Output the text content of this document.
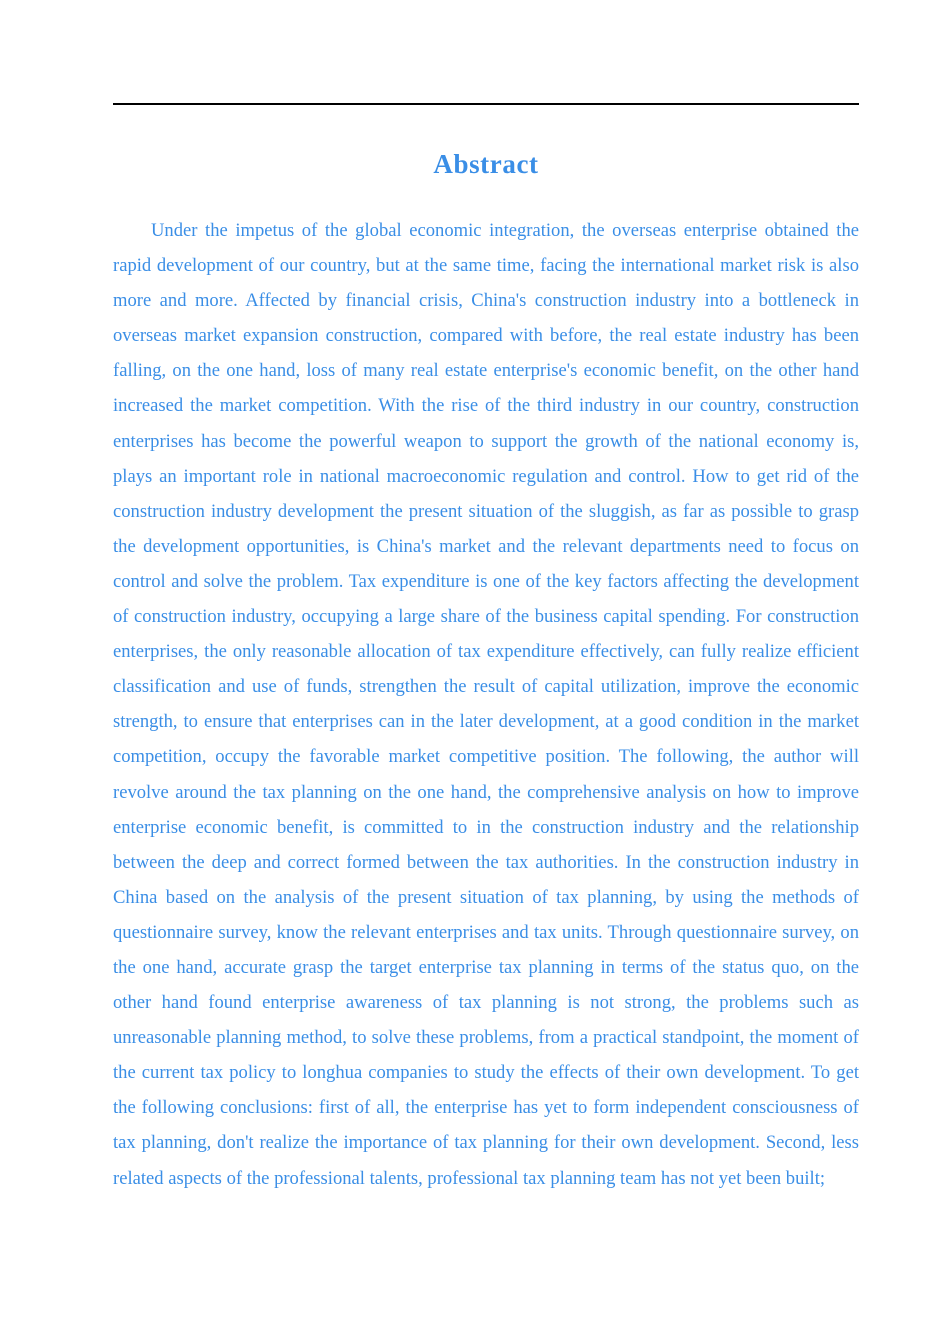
Abstract

Under the impetus of the global economic integration, the overseas enterprise obtained the rapid development of our country, but at the same time, facing the international market risk is also more and more. Affected by financial crisis, China's construction industry into a bottleneck in overseas market expansion construction, compared with before, the real estate industry has been falling, on the one hand, loss of many real estate enterprise's economic benefit, on the other hand increased the market competition. With the rise of the third industry in our country, construction enterprises has become the powerful weapon to support the growth of the national economy is, plays an important role in national macroeconomic regulation and control. How to get rid of the construction industry development the present situation of the sluggish, as far as possible to grasp the development opportunities, is China's market and the relevant departments need to focus on control and solve the problem. Tax expenditure is one of the key factors affecting the development of construction industry, occupying a large share of the business capital spending. For construction enterprises, the only reasonable allocation of tax expenditure effectively, can fully realize efficient classification and use of funds, strengthen the result of capital utilization, improve the economic strength, to ensure that enterprises can in the later development, at a good condition in the market competition, occupy the favorable market competitive position. The following, the author will revolve around the tax planning on the one hand, the comprehensive analysis on how to improve enterprise economic benefit, is committed to in the construction industry and the relationship between the deep and correct formed between the tax authorities. In the construction industry in China based on the analysis of the present situation of tax planning, by using the methods of questionnaire survey, know the relevant enterprises and tax units. Through questionnaire survey, on the one hand, accurate grasp the target enterprise tax planning in terms of the status quo, on the other hand found enterprise awareness of tax planning is not strong, the problems such as unreasonable planning method, to solve these problems, from a practical standpoint, the moment of the current tax policy to longhua companies to study the effects of their own development. To get the following conclusions: first of all, the enterprise has yet to form independent consciousness of tax planning, don't realize the importance of tax planning for their own development. Second, less related aspects of the professional talents, professional tax planning team has not yet been built;
